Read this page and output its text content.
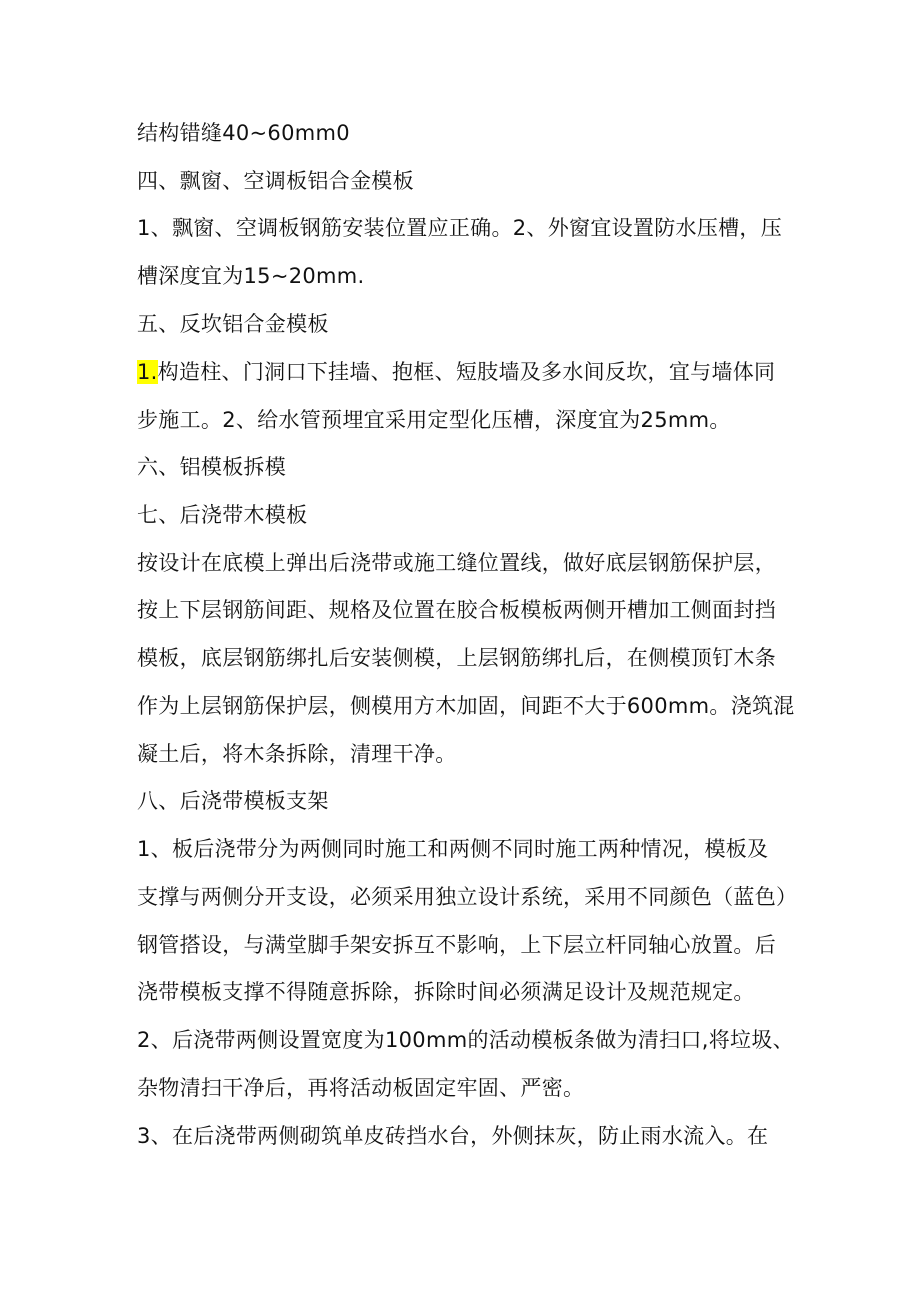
结构错缝40~60mm0
四、飘窗、空调板铝合金模板
1、飘窗、空调板钢筋安装位置应正确。2、外窗宜设置防水压槽，压
槽深度宜为15~20mm.
五、反坎铝合金模板
1.构造柱、门洞口下挂墙、抱框、短肢墙及多水间反坎，宜与墙体同
步施工。2、给水管预埋宜采用定型化压槽，深度宜为25mm。
六、铝模板拆模
七、后浇带木模板
按设计在底模上弹出后浇带或施工缝位置线，做好底层钢筋保护层，
按上下层钢筋间距、规格及位置在胶合板模板两侧开槽加工侧面封挡
模板，底层钢筋绑扎后安装侧模，上层钢筋绑扎后，在侧模顶钉木条
作为上层钢筋保护层，侧模用方木加固，间距不大于600mm。浇筑混
凝土后，将木条拆除，清理干净。
八、后浇带模板支架
1、板后浇带分为两侧同时施工和两侧不同时施工两种情况，模板及
支撑与两侧分开支设，必须采用独立设计系统，采用不同颜色（蓝色）
钢管搭设，与满堂脚手架安拆互不影响，上下层立杆同轴心放置。后
浇带模板支撑不得随意拆除，拆除时间必须满足设计及规范规定。
2、后浇带两侧设置宽度为100mm的活动模板条做为清扫口,将垃圾、
杂物清扫干净后，再将活动板固定牢固、严密。
3、在后浇带两侧砌筑单皮砖挡水台，外侧抹灰，防止雨水流入。在
